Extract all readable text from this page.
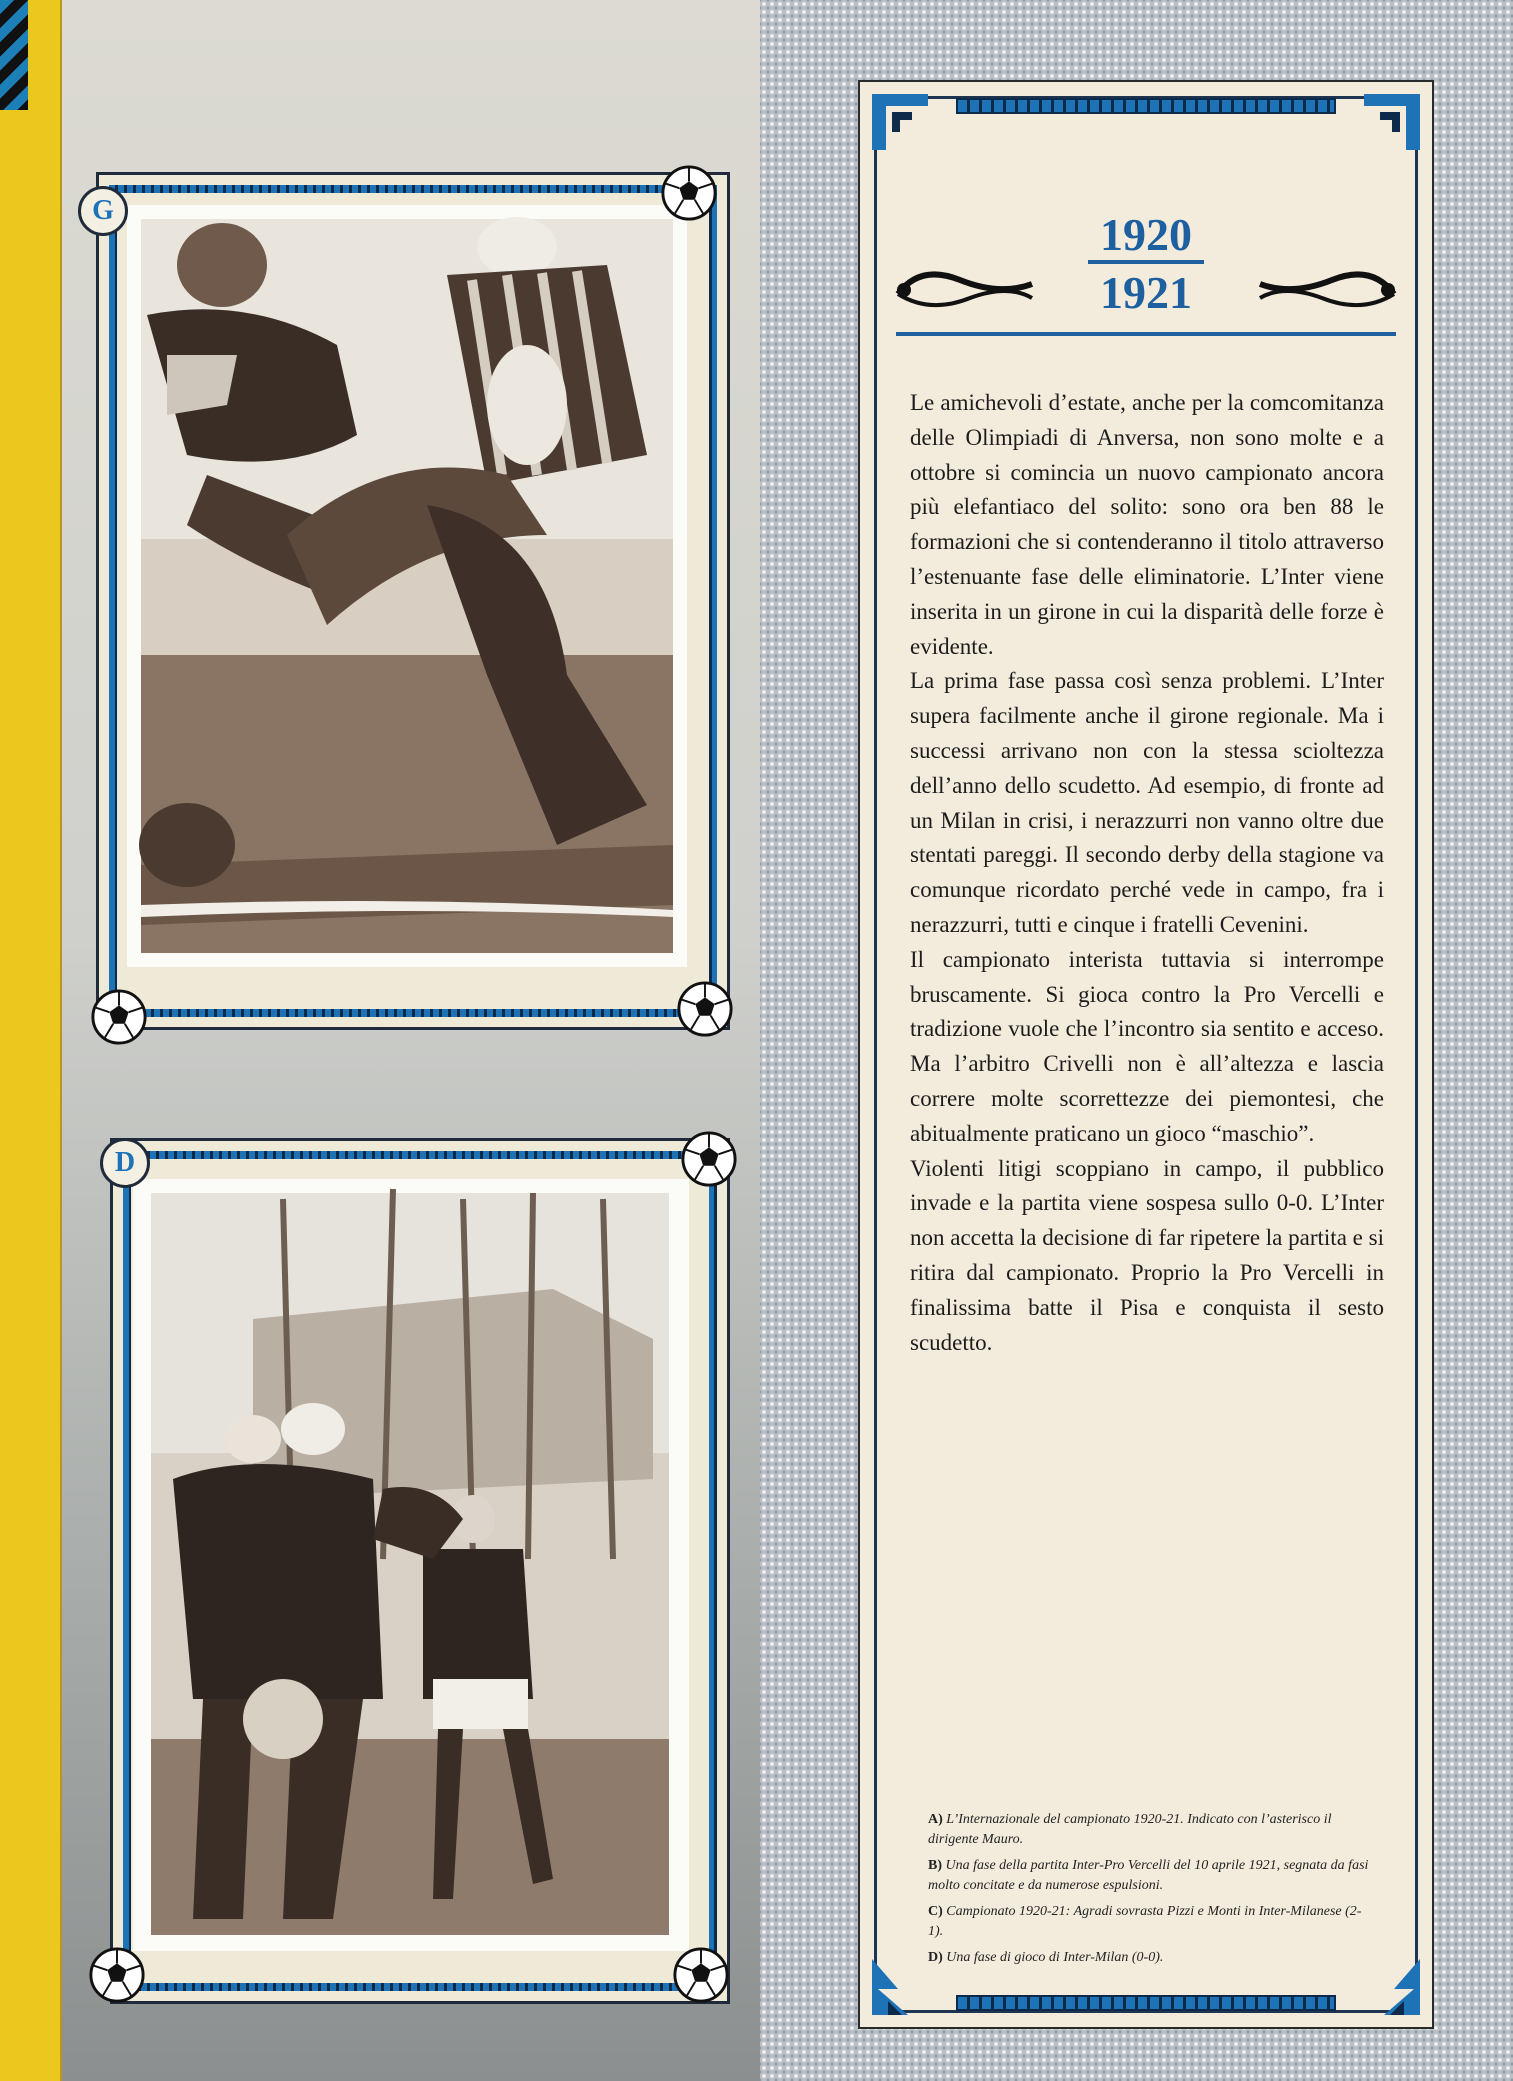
G
D
1920
1921

Le amichevoli d’estate, anche per la comcomitanza delle Olimpiadi di Anversa, non sono molte e a ottobre si comincia un nuovo campionato ancora più elefantiaco del solito: sono ora ben 88 le formazioni che si contenderanno il titolo attraverso l’estenuante fase delle eliminatorie. L’Inter viene inserita in un girone in cui la disparità delle forze è evidente.

La prima fase passa così senza problemi. L’Inter supera facilmente anche il girone regionale. Ma i successi arrivano non con la stessa scioltezza dell’anno dello scudetto. Ad esempio, di fronte ad un Milan in crisi, i nerazzurri non vanno oltre due stentati pareggi. Il secondo derby della stagione va comunque ricordato perché vede in campo, fra i nerazzurri, tutti e cinque i fratelli Cevenini.

Il campionato interista tuttavia si interrompe bruscamente. Si gioca contro la Pro Vercelli e tradizione vuole che l’incontro sia sentito e acceso. Ma l’arbitro Crivelli non è all’altezza e lascia correre molte scorrettezze dei piemontesi, che abitualmente praticano un gioco “maschio”.

Violenti litigi scoppiano in campo, il pubblico invade e la partita viene sospesa sullo 0-0. L’Inter non accetta la decisione di far ripetere la partita e si ritira dal campionato. Proprio la Pro Vercelli in finalissima batte il Pisa e conquista il sesto scudetto.

A) L’Internazionale del campionato 1920-21. Indicato con l’asterisco il dirigente Mauro.
B) Una fase della partita Inter-Pro Vercelli del 10 aprile 1921, segnata da fasi molto concitate e da numerose espulsioni.
C) Campionato 1920-21: Agradi sovrasta Pizzi e Monti in Inter-Milanese (2-1).
D) Una fase di gioco di Inter-Milan (0-0).
